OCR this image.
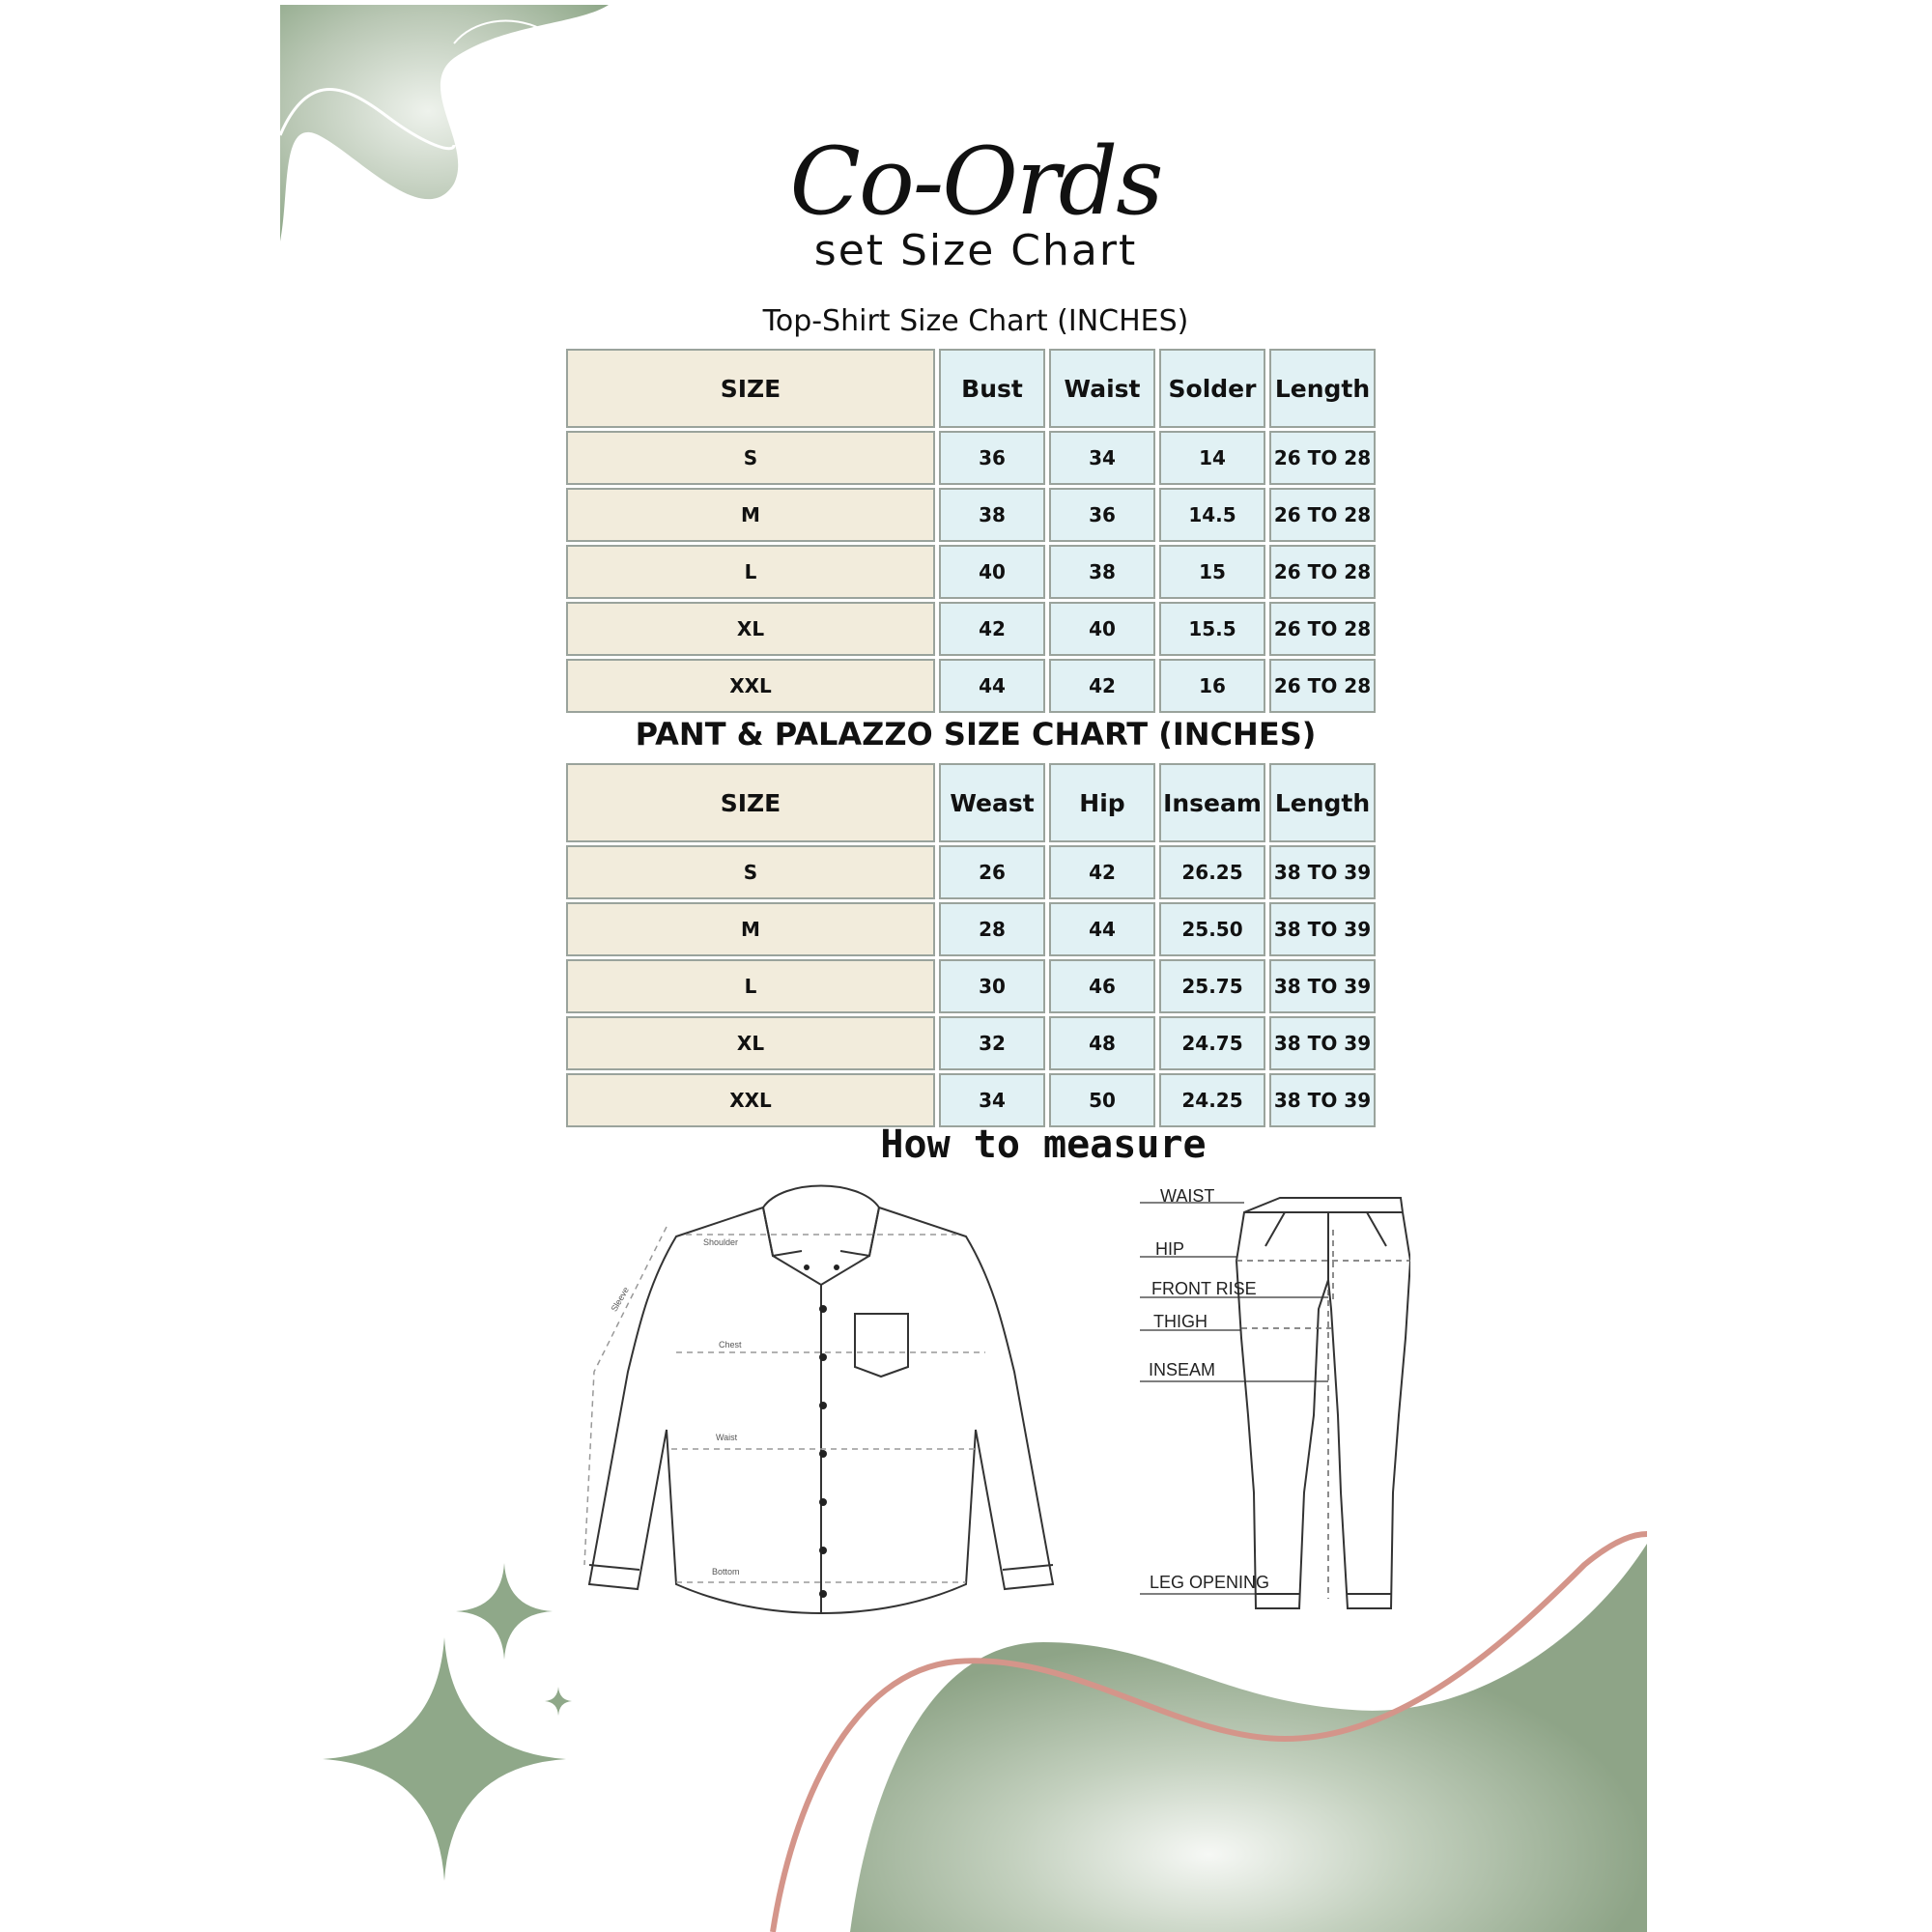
Co-Ords
set Size Chart
Top-Shirt Size Chart (INCHES)
SIZE	Bust	Waist	Solder	Length
S	36	34	14	26 TO 28
M	38	36	14.5	26 TO 28
L	40	38	15	26 TO 28
XL	42	40	15.5	26 TO 28
XXL	44	42	16	26 TO 28
PANT & PALAZZO SIZE CHART (INCHES)
SIZE	Weast	Hip	Inseam	Length
S	26	42	26.25	38 TO 39
M	28	44	25.50	38 TO 39
L	30	46	25.75	38 TO 39
XL	32	48	24.75	38 TO 39
XXL	34	50	24.25	38 TO 39
How to measure
Shoulder
Sleeve
Chest
Waist
Bottom
WAIST
HIP
FRONT RISE
THIGH
INSEAM
LEG OPENING
